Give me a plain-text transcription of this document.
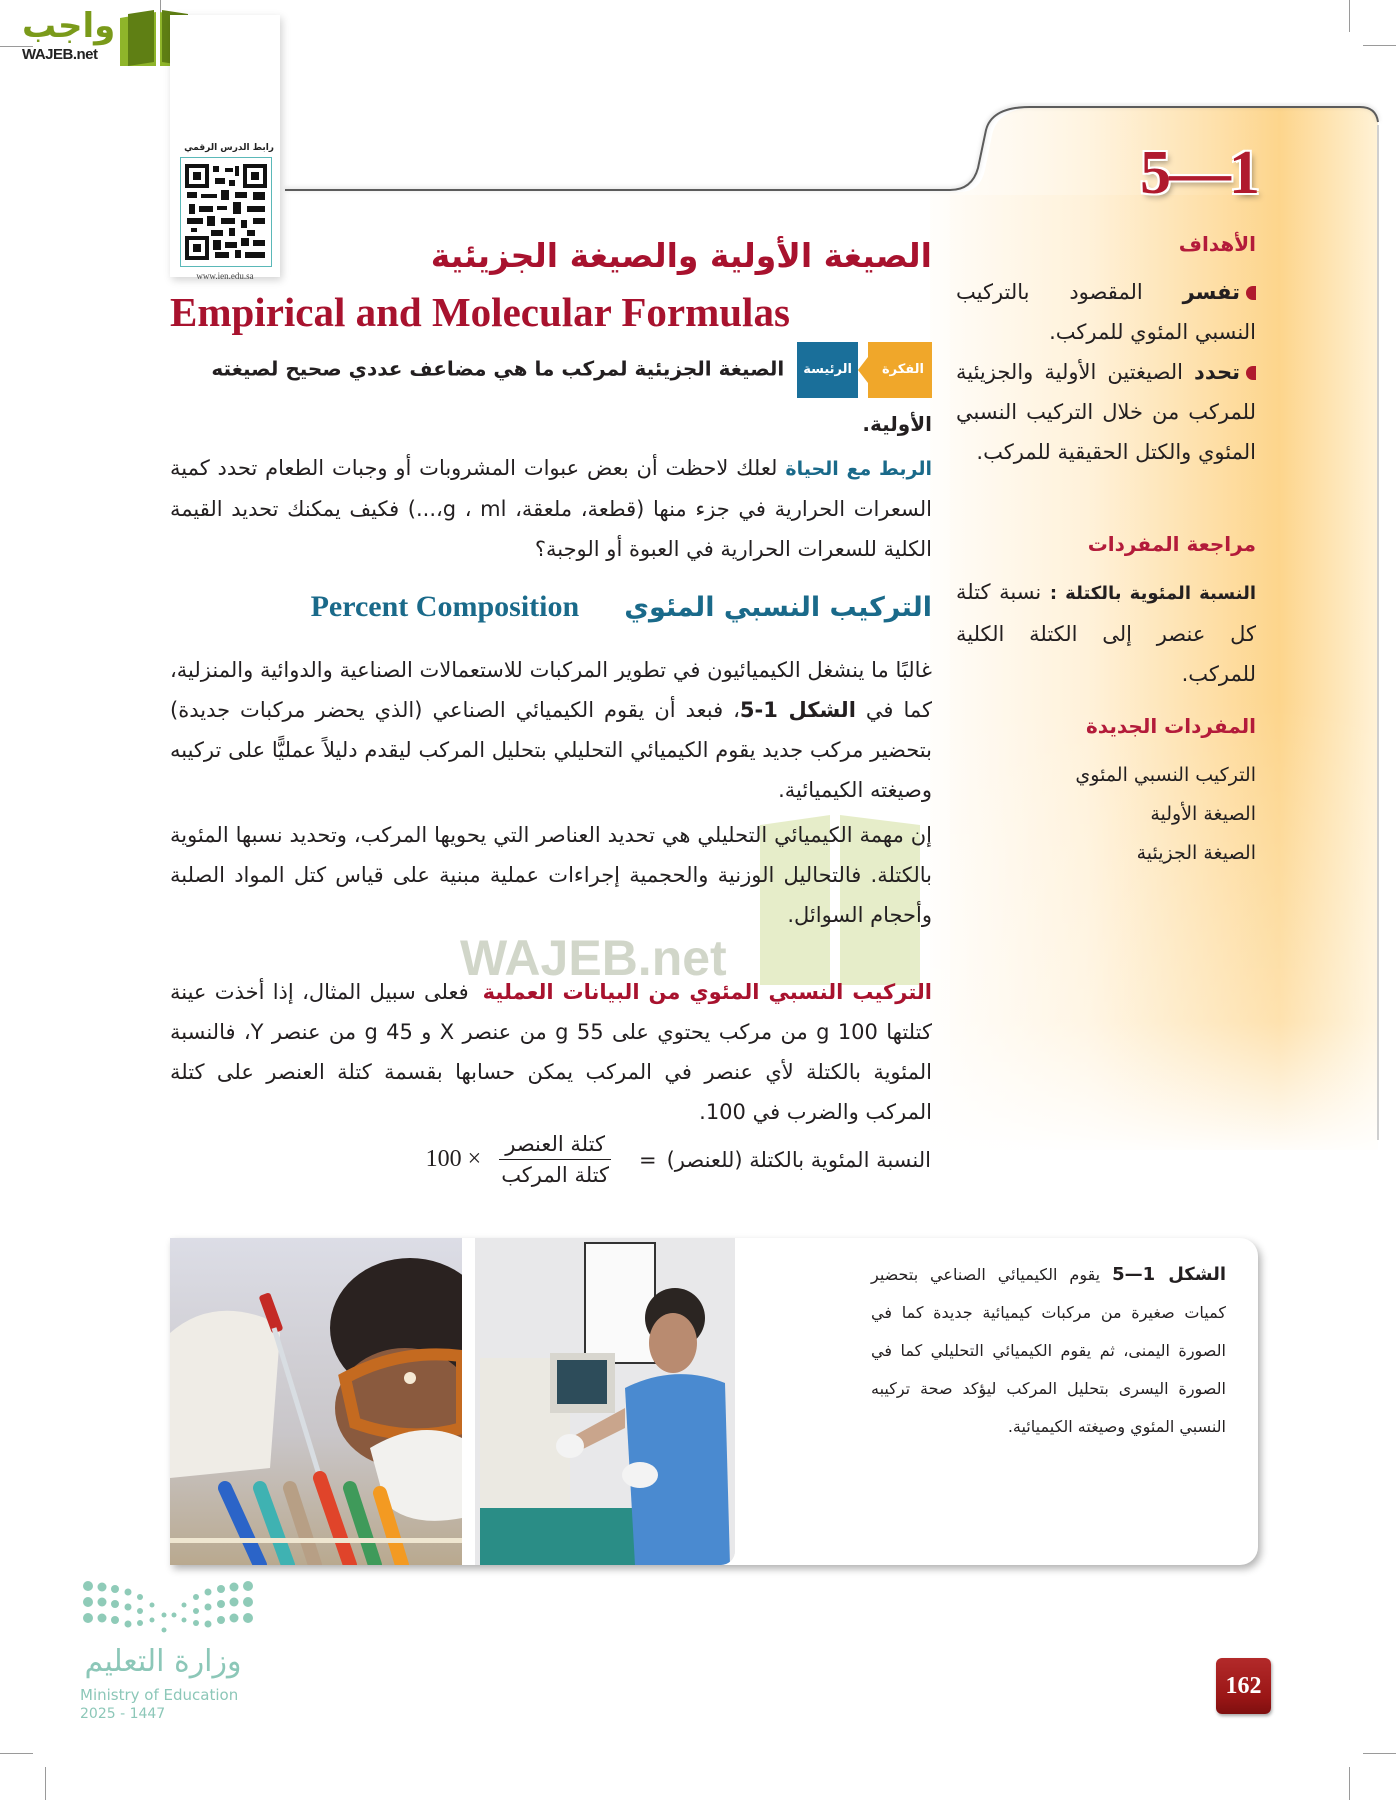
واجب
WAJEB.net
رابط الدرس الرقمي
www.ien.edu.sa
5—1
الأهداف
تفسر المقصود بالتركيب النسبي المئوي للمركب.
تحدد الصيغتين الأولية والجزيئية للمركب من خلال التركيب النسبي المئوي والكتل الحقيقية للمركب.
مراجعة المفردات
النسبة المئوية بالكتلة : نسبة كتلة كل عنصر إلى الكتلة الكلية للمركب.
المفردات الجديدة
التركيب النسبي المئوي
الصيغة الأولية
الصيغة الجزيئية
الصيغة الأولية والصيغة الجزيئية
Empirical and Molecular Formulas
الفكرةالرئيسة الصيغة الجزيئية لمركب ما هي مضاعف عددي صحيح لصيغته الأولية.
الربط مع الحياةلعلك لاحظت أن بعض عبوات المشروبات أو وجبات الطعام تحدد كمية السعرات الحرارية في جزء منها (قطعة، ملعقة، g ، ml،...) فكيف يمكنك تحديد القيمة الكلية للسعرات الحرارية في العبوة أو الوجبة؟
التركيب النسبي المئوي Percent Composition
غالبًا ما ينشغل الكيميائيون في تطوير المركبات للاستعمالات الصناعية والدوائية والمنزلية، كما في الشكل 1-5، فبعد أن يقوم الكيميائي الصناعي (الذي يحضر مركبات جديدة) بتحضير مركب جديد يقوم الكيميائي التحليلي بتحليل المركب ليقدم دليلاً عمليًّا على تركيبه وصيغته الكيميائية.
WAJEB.net
إن مهمة الكيميائي التحليلي هي تحديد العناصر التي يحويها المركب، وتحديد نسبها المئوية بالكتلة. فالتحاليل الوزنية والحجمية إجراءات عملية مبنية على قياس كتل المواد الصلبة وأحجام السوائل.
التركيب النسبي المئوي من البيانات العمليةفعلى سبيل المثال، إذا أخذت عينة كتلتها g 100 من مركب يحتوي على g 55 من عنصر X و g 45 من عنصر Y، فالنسبة المئوية بالكتلة لأي عنصر في المركب يمكن حسابها بقسمة كتلة العنصر على كتلة المركب والضرب في 100.
النسبة المئوية بالكتلة (للعنصر)
=
$\frac{\text{كتلة العنصر}}{\text{كتلة المركب}}$
100 ×
الشكل 1—5 يقوم الكيميائي الصناعي بتحضير كميات صغيرة من مركبات كيميائية جديدة كما في الصورة اليمنى، ثم يقوم الكيميائي التحليلي كما في الصورة اليسرى بتحليل المركب ليؤكد صحة تركيبه النسبي المئوي وصيغته الكيميائية.
وزارة التعليم
Ministry of Education
2025 - 1447
162
